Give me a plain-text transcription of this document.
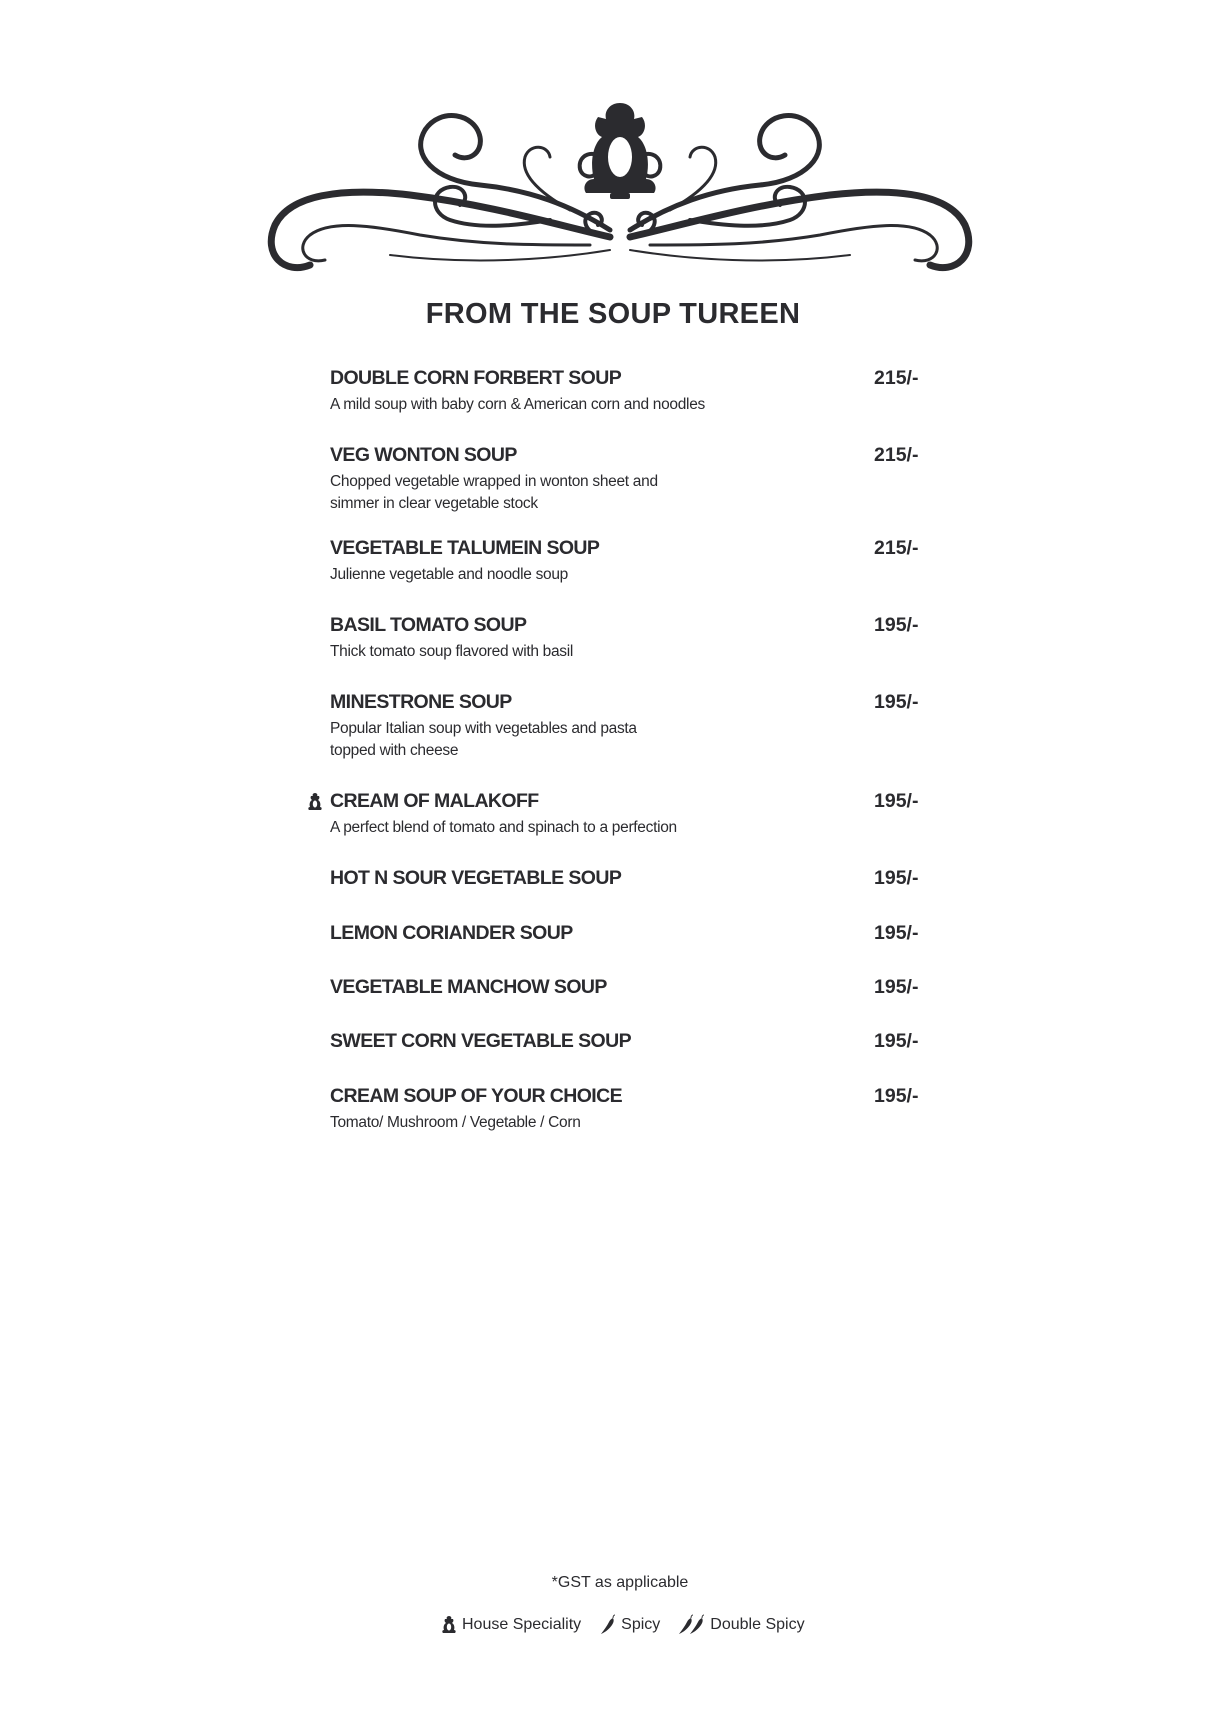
FROM THE SOUP TUREEN
DOUBLE CORN FORBERT SOUP	215/-
A mild soup with baby corn & American corn and noodles
VEG WONTON SOUP	215/-
Chopped vegetable wrapped in wonton sheet and
simmer in clear vegetable stock
VEGETABLE TALUMEIN SOUP	215/-
Julienne vegetable and noodle soup
BASIL TOMATO SOUP	195/-
Thick tomato soup flavored with basil
MINESTRONE SOUP	195/-
Popular Italian soup with vegetables and pasta
topped with cheese
CREAM OF MALAKOFF	195/-
A perfect blend of tomato and spinach to a perfection
HOT N SOUR VEGETABLE SOUP	195/-
LEMON CORIANDER SOUP	195/-
VEGETABLE MANCHOW SOUP	195/-
SWEET CORN VEGETABLE SOUP	195/-
CREAM SOUP OF YOUR CHOICE	195/-
Tomato/ Mushroom / Vegetable / Corn
*GST as applicable
House Speciality	Spicy	Double Spicy
